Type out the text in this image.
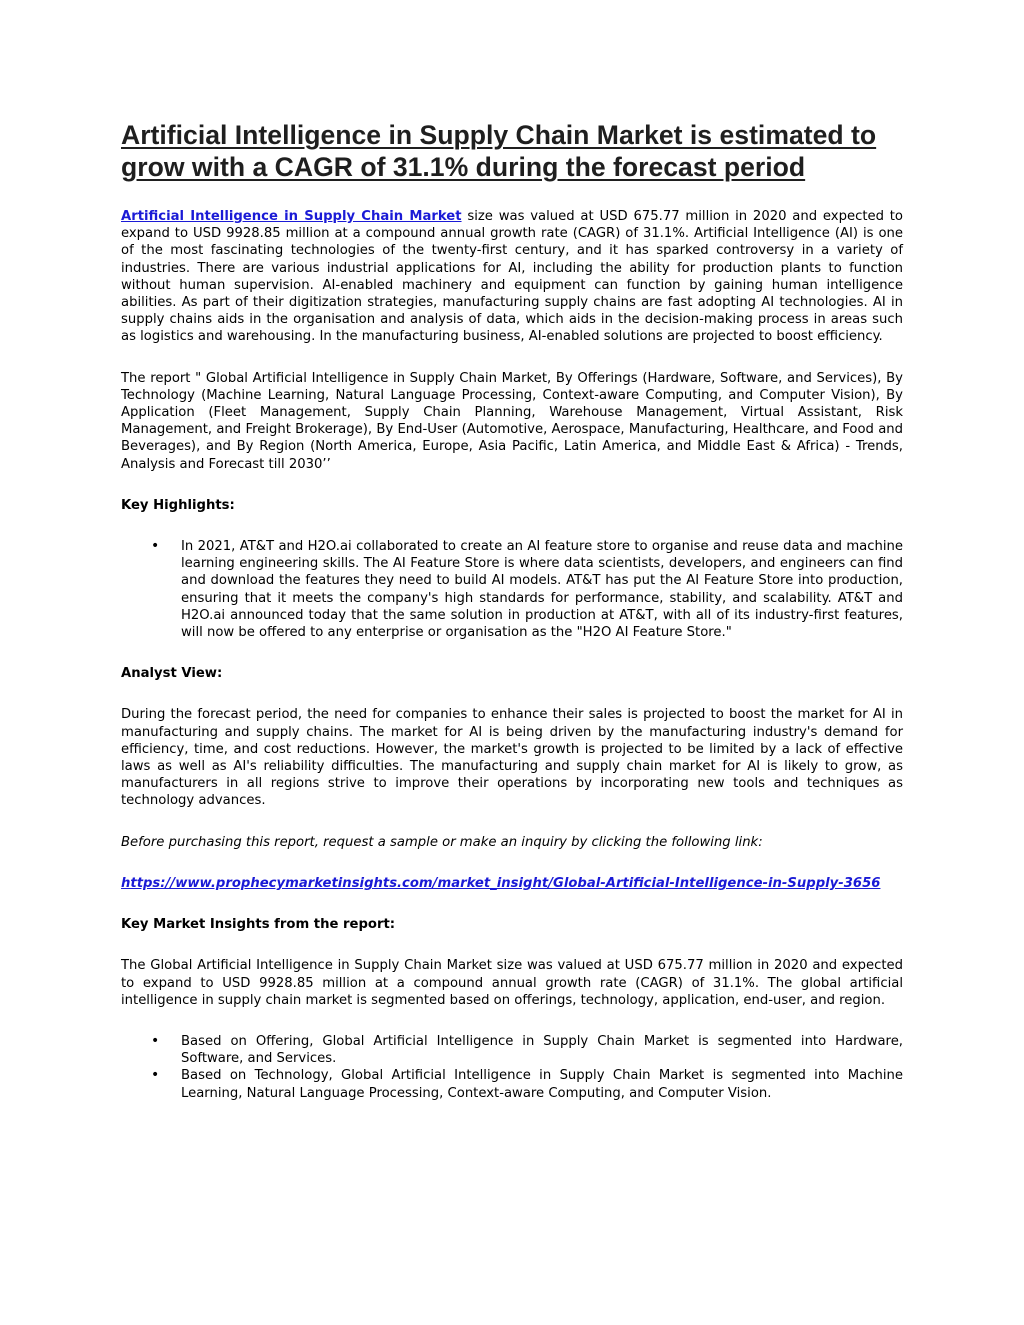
Artificial Intelligence in Supply Chain Market is estimated to grow with a CAGR of 31.1% during the forecast period

Artificial Intelligence in Supply Chain Market size was valued at USD 675.77 million in 2020 and expected to expand to USD 9928.85 million at a compound annual growth rate (CAGR) of 31.1%. Artificial Intelligence (AI) is one of the most fascinating technologies of the twenty-first century, and it has sparked controversy in a variety of industries. There are various industrial applications for AI, including the ability for production plants to function without human supervision. AI-enabled machinery and equipment can function by gaining human intelligence abilities. As part of their digitization strategies, manufacturing supply chains are fast adopting AI technologies. AI in supply chains aids in the organisation and analysis of data, which aids in the decision-making process in areas such as logistics and warehousing. In the manufacturing business, AI-enabled solutions are projected to boost efficiency.

The report " Global Artificial Intelligence in Supply Chain Market, By Offerings (Hardware, Software, and Services), By Technology (Machine Learning, Natural Language Processing, Context-aware Computing, and Computer Vision), By Application (Fleet Management, Supply Chain Planning, Warehouse Management, Virtual Assistant, Risk Management, and Freight Brokerage), By End-User (Automotive, Aerospace, Manufacturing, Healthcare, and Food and Beverages), and By Region (North America, Europe, Asia Pacific, Latin America, and Middle East & Africa) - Trends, Analysis and Forecast till 2030’’

Key Highlights:

• In 2021, AT&T and H2O.ai collaborated to create an AI feature store to organise and reuse data and machine learning engineering skills. The AI Feature Store is where data scientists, developers, and engineers can find and download the features they need to build AI models. AT&T has put the AI Feature Store into production, ensuring that it meets the company's high standards for performance, stability, and scalability. AT&T and H2O.ai announced today that the same solution in production at AT&T, with all of its industry-first features, will now be offered to any enterprise or organisation as the "H2O AI Feature Store."

Analyst View:

During the forecast period, the need for companies to enhance their sales is projected to boost the market for AI in manufacturing and supply chains. The market for AI is being driven by the manufacturing industry's demand for efficiency, time, and cost reductions. However, the market's growth is projected to be limited by a lack of effective laws as well as AI's reliability difficulties. The manufacturing and supply chain market for AI is likely to grow, as manufacturers in all regions strive to improve their operations by incorporating new tools and techniques as technology advances.

Before purchasing this report, request a sample or make an inquiry by clicking the following link:

https://www.prophecymarketinsights.com/market_insight/Global-Artificial-Intelligence-in-Supply-3656

Key Market Insights from the report:

The Global Artificial Intelligence in Supply Chain Market size was valued at USD 675.77 million in 2020 and expected to expand to USD 9928.85 million at a compound annual growth rate (CAGR) of 31.1%. The global artificial intelligence in supply chain market is segmented based on offerings, technology, application, end-user, and region.

• Based on Offering, Global Artificial Intelligence in Supply Chain Market is segmented into Hardware, Software, and Services.
• Based on Technology, Global Artificial Intelligence in Supply Chain Market is segmented into Machine Learning, Natural Language Processing, Context-aware Computing, and Computer Vision.
